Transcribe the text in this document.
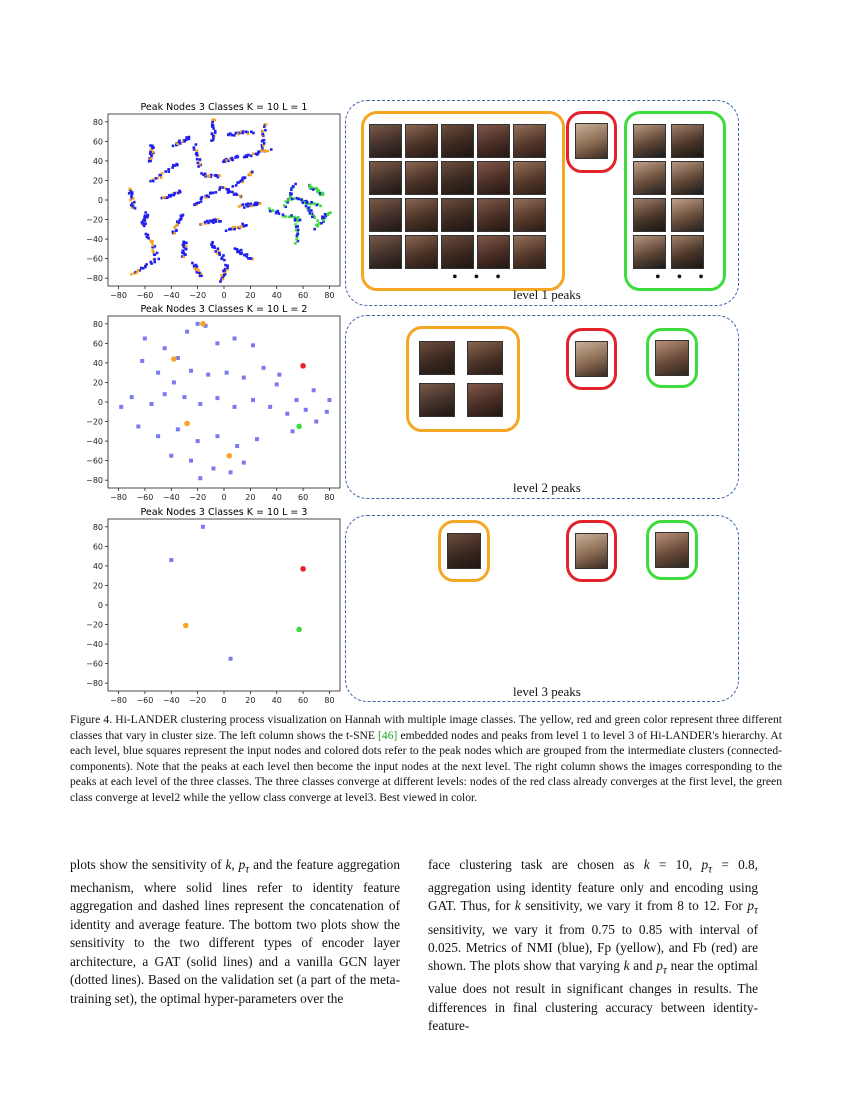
Peak Nodes 3 Classes K = 10 L = 1
−80 −60 −40 −20 0 20 40 60 80
80
60
40
20
0
−20
−40
−60
−80
Peak Nodes 3 Classes K = 10 L = 2
−80 −60 −40 −20 0 20 40 60 80
80
60
40
20
0
−20
−40
−60
−80
Peak Nodes 3 Classes K = 10 L = 3
−80 −60 −40 −20 0 20 40 60 80
80
60
40
20
0
−20
−40
−60
−80
• • •	• • •
level 1 peaks
level 2 peaks
level 3 peaks
Figure 4. Hi-LANDER clustering process visualization on Hannah with multiple image classes. The yellow, red and green color represent three different classes that vary in cluster size. The left column shows the t-SNE [46] embedded nodes and peaks from level 1 to level 3 of Hi-LANDER's hierarchy. At each level, blue squares represent the input nodes and colored dots refer to the peak nodes which are grouped from the intermediate clusters (connected-components). Note that the peaks at each level then become the input nodes at the next level. The right column shows the images corresponding to the peaks at each level of the three classes. The three classes converge at different levels: nodes of the red class already converges at the first level, the green class converge at level2 while the yellow class converge at level3. Best viewed in color.
plots show the sensitivity of k, $p_\tau$ and the feature aggregation mechanism, where solid lines refer to identity feature aggregation and dashed lines represent the concatenation of identity and average feature. The bottom two plots show the sensitivity to the two different types of encoder layer architecture, a GAT (solid lines) and a vanilla GCN layer (dotted lines). Based on the validation set (a part of the meta-training set), the optimal hyper-parameters over the
face clustering task are chosen as k = 10, $p_\tau = 0.8$, aggregation using identity feature only and encoding using GAT. Thus, for k sensitivity, we vary it from 8 to 12. For $p_\tau$ sensitivity, we vary it from 0.75 to 0.85 with interval of 0.025. Metrics of NMI (blue), Fp (yellow), and Fb (red) are shown. The plots show that varying k and $p_\tau$ near the optimal value does not result in significant changes in results. The differences in final clustering accuracy between identity-feature-
